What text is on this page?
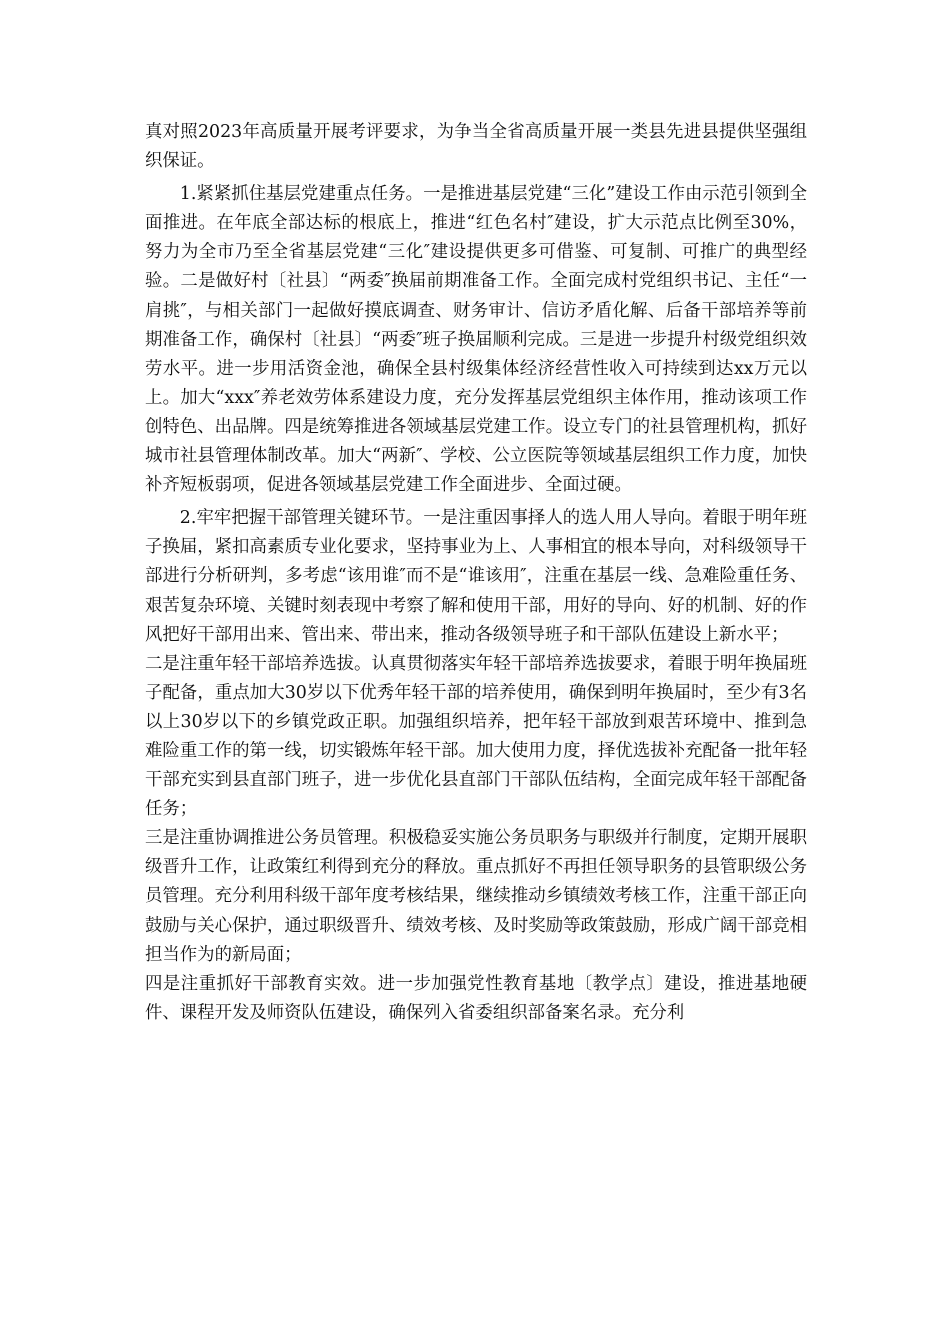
真对照2023年高质量开展考评要求，为争当全省高质量开展一类县先进县提供坚强组织保证。

1.紧紧抓住基层党建重点任务。一是推进基层党建“三化”建设工作由示范引领到全面推进。在年底全部达标的根底上，推进“红色名村″建设，扩大示范点比例至30%，努力为全市乃至全省基层党建“三化″建设提供更多可借鉴、可复制、可推广的典型经验。二是做好村〔社县〕“两委″换届前期准备工作。全面完成村党组织书记、主任“一肩挑″，与相关部门一起做好摸底调查、财务审计、信访矛盾化解、后备干部培养等前期准备工作，确保村〔社县〕“两委″班子换届顺利完成。三是进一步提升村级党组织效劳水平。进一步用活资金池，确保全县村级集体经济经营性收入可持续到达xx万元以上。加大“xxx″养老效劳体系建设力度，充分发挥基层党组织主体作用，推动该项工作创特色、出品牌。四是统筹推进各领域基层党建工作。设立专门的社县管理机构，抓好城市社县管理体制改革。加大“两新″、学校、公立医院等领域基层组织工作力度，加快补齐短板弱项，促进各领域基层党建工作全面进步、全面过硬。

2.牢牢把握干部管理关键环节。一是注重因事择人的选人用人导向。着眼于明年班子换届，紧扣高素质专业化要求，坚持事业为上、人事相宜的根本导向，对科级领导干部进行分析研判，多考虑“该用谁″而不是“谁该用″，注重在基层一线、急难险重任务、艰苦复杂环境、关键时刻表现中考察了解和使用干部，用好的导向、好的机制、好的作风把好干部用出来、管出来、带出来，推动各级领导班子和干部队伍建设上新水平；

二是注重年轻干部培养选拔。认真贯彻落实年轻干部培养选拔要求，着眼于明年换届班子配备，重点加大30岁以下优秀年轻干部的培养使用，确保到明年换届时，至少有3名以上30岁以下的乡镇党政正职。加强组织培养，把年轻干部放到艰苦环境中、推到急难险重工作的第一线，切实锻炼年轻干部。加大使用力度，择优选拔补充配备一批年轻干部充实到县直部门班子，进一步优化县直部门干部队伍结构，全面完成年轻干部配备任务；

三是注重协调推进公务员管理。积极稳妥实施公务员职务与职级并行制度，定期开展职级晋升工作，让政策红利得到充分的释放。重点抓好不再担任领导职务的县管职级公务员管理。充分利用科级干部年度考核结果，继续推动乡镇绩效考核工作，注重干部正向鼓励与关心保护，通过职级晋升、绩效考核、及时奖励等政策鼓励，形成广阔干部竞相担当作为的新局面；

四是注重抓好干部教育实效。进一步加强党性教育基地〔教学点〕建设，推进基地硬件、课程开发及师资队伍建设，确保列入省委组织部备案名录。充分利
